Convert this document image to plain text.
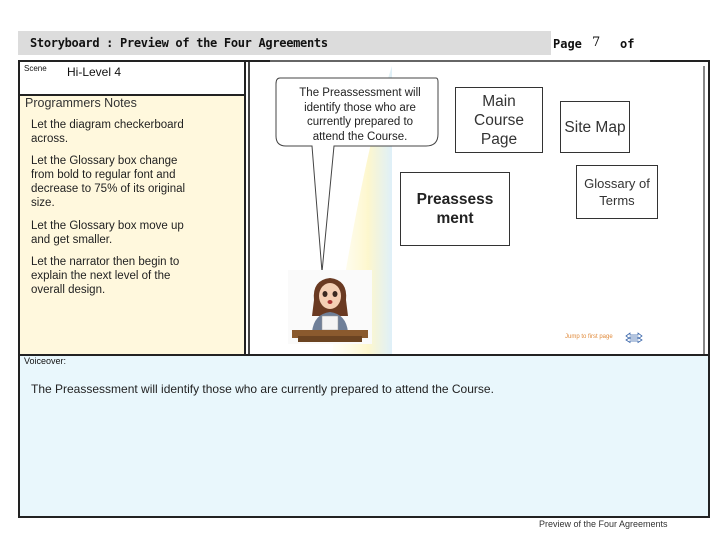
Storyboard : Preview of the Four Agreements	Page 7 of
Scene Hi-Level 4
Programmers Notes
Let the diagram checkerboard across.
Let the Glossary box change from bold to regular font and decrease to 75% of its original size.
Let the Glossary box move up and get smaller.
Let the narrator then begin to explain the next level of the overall design.
The Preassessment will identify those who are currently prepared to attend the Course.
Main Course Page
Site Map
Glossary of Terms
Preassess ment
Jump to first page
Voiceover:
The Preassessment will identify those who are currently prepared to attend the Course.
Preview of the Four Agreements
